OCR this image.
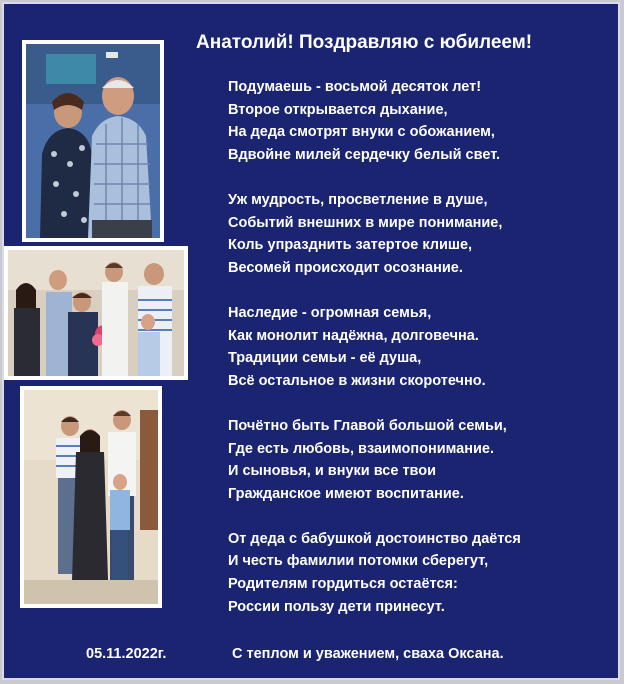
Анатолий! Поздравляю с юбилеем!
Подумаешь - восьмой десяток лет!
Второе открывается дыхание,
На деда смотрят внуки с обожанием,
Вдвойне милей сердечку белый свет.
Уж мудрость, просветление в душе,
Событий внешних в мире понимание,
Коль упразднить затертое клише,
Весомей происходит осознание.
Наследие - огромная семья,
Как монолит надёжна, долговечна.
Традиции семьи - её душа,
Всё остальное в жизни скоротечно.
Почётно быть Главой большой семьи,
Где есть любовь, взаимопонимание.
И сыновья, и внуки все твои
Гражданское имеют воспитание.
От деда с бабушкой достоинство даётся
И честь фамилии потомки сберегут,
Родителям гордиться остаётся:
России пользу дети принесут.
05.11.2022г.	С теплом и уважением, сваха Оксана.
